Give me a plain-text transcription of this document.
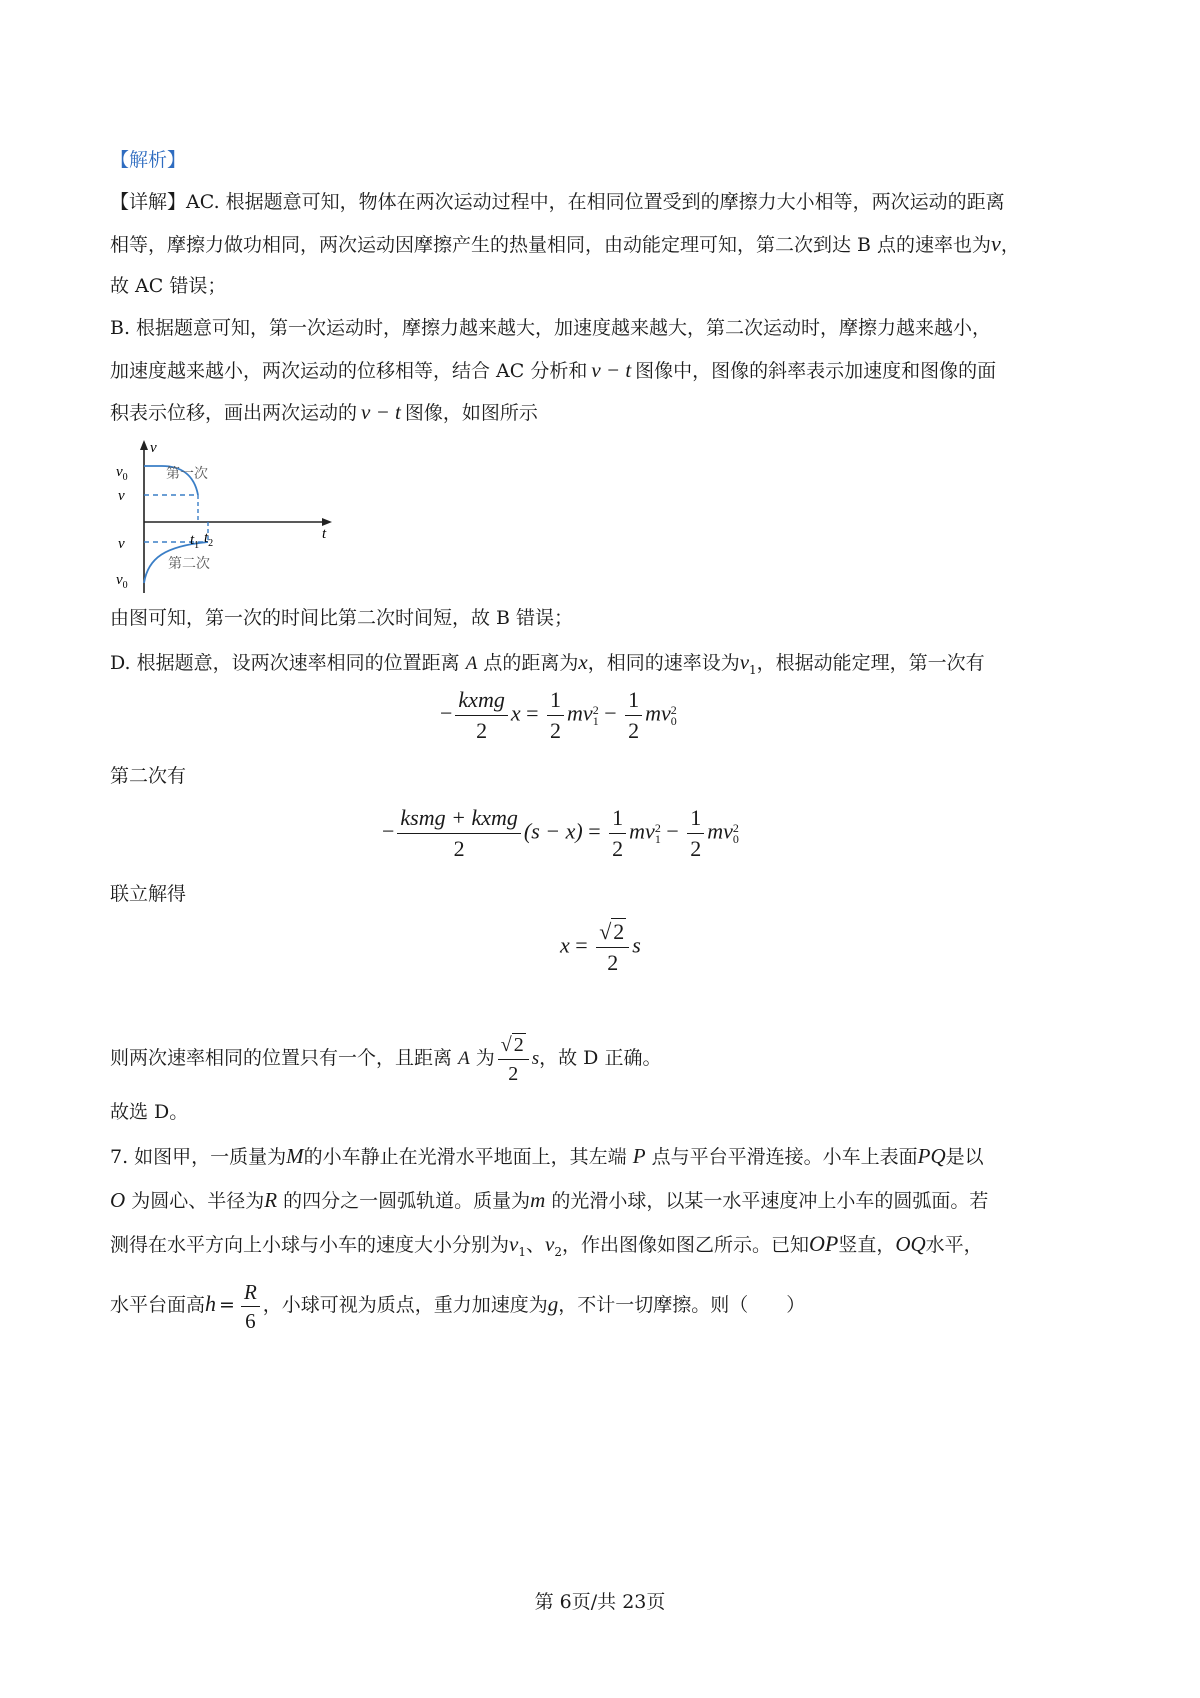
【解析】
【详解】AC. 根据题意可知，物体在两次运动过程中，在相同位置受到的摩擦力大小相等，两次运动的距离
相等，摩擦力做功相同，两次运动因摩擦产生的热量相同，由动能定理可知，第二次到达 B 点的速率也为v，
故 AC 错误；
B. 根据题意可知，第一次运动时，摩擦力越来越大，加速度越来越大，第二次运动时，摩擦力越来越小，
加速度越来越小，两次运动的位移相等，结合 AC 分析和 v − t 图像中，图像的斜率表示加速度和图像的面
积表示位移，画出两次运动的 v − t 图像，如图所示
v
t
$v_0$
v
$t_1$ $t_2$
v
$v_0$
第一次
第二次
由图可知，第一次的时间比第二次时间短，故 B 错误；
D. 根据题意，设两次速率相同的位置距离 A 点的距离为x，相同的速率设为$v_1$，根据动能定理，第一次有
− $\frac{\text{kxmg}}{2}$ $x = \frac{1}{2}$ mv 2
$1 - \frac{1}{2}$ mv 2
0
第二次有
− $\frac{\text{ksmg + kxmg}}{2} (s - x) = \frac{1}{2}$ mv 2
$1 - \frac{1}{2}$ mv 2
0
联立解得
$x = \frac{√2}{2}$ s
则两次速率相同的位置只有一个，且距离 A 为 $\frac{√ 2}{2}$ s，故 D 正确。
故选 D。
7. 如图甲，一质量为M的小车静止在光滑水平地面上，其左端 P 点与平台平滑连接。小车上表面PQ是以
O 为圆心、半径为R 的四分之一圆弧轨道。质量为m 的光滑小球，以某一水平速度冲上小车的圆弧面。若
测得在水平方向上小球与小车的速度大小分别为$v_1$、$v_2$，作出图像如图乙所示。已知OP竖直，OQ水平，
水平台面高$h = \frac{R}{6}$ ，小球可视为质点，重力加速度为g，不计一切摩擦。则（　　）
第 6页/共 23页
